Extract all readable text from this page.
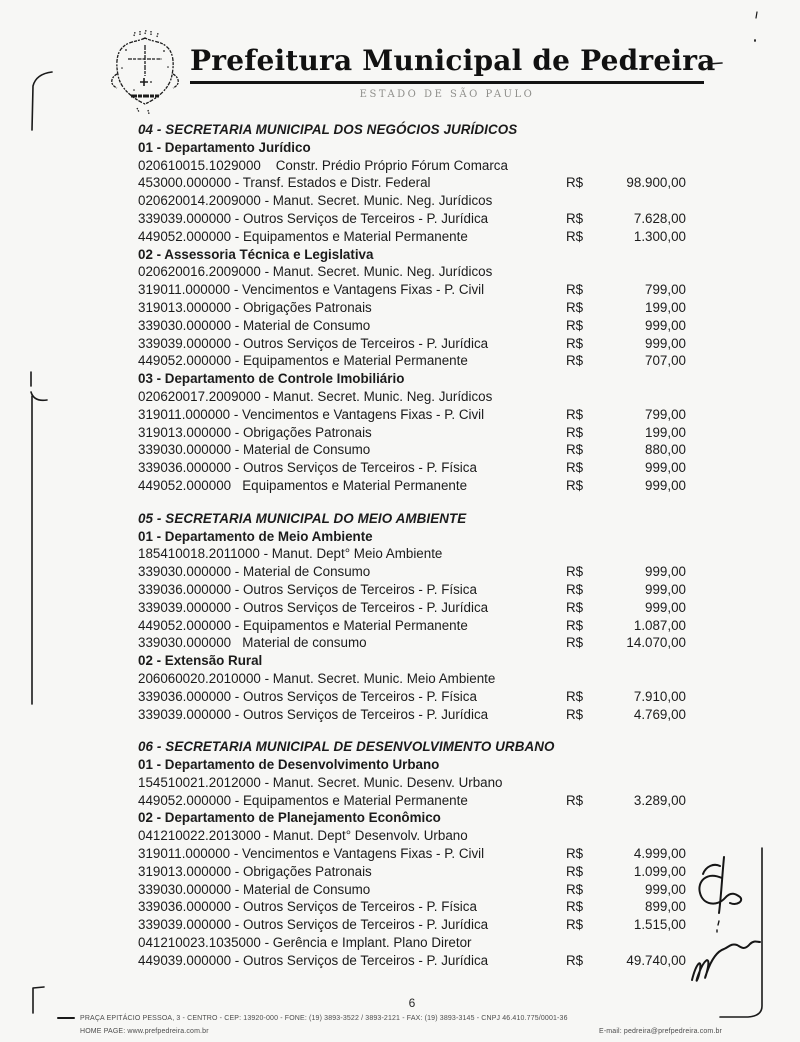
Prefeitura Municipal de Pedreira
ESTADO DE SÃO PAULO
04 - SECRETARIA MUNICIPAL DOS NEGÓCIOS JURÍDICOS
01 - Departamento Jurídico
020610015.1029000    Constr. Prédio Próprio Fórum Comarca
453000.000000 - Transf. Estados e Distr. Federal	R$	98.900,00
020620014.2009000 - Manut. Secret. Munic. Neg. Jurídicos
339039.000000 - Outros Serviços de Terceiros - P. Jurídica	R$	7.628,00
449052.000000 - Equipamentos e Material Permanente	R$	1.300,00
02 - Assessoria Técnica e Legislativa
020620016.2009000 - Manut. Secret. Munic. Neg. Jurídicos
319011.000000 - Vencimentos e Vantagens Fixas - P. Civil	R$	799,00
319013.000000 - Obrigações Patronais	R$	199,00
339030.000000 - Material de Consumo	R$	999,00
339039.000000 - Outros Serviços de Terceiros - P. Jurídica	R$	999,00
449052.000000 - Equipamentos e Material Permanente	R$	707,00
03 - Departamento de Controle Imobiliário
020620017.2009000 - Manut. Secret. Munic. Neg. Jurídicos
319011.000000 - Vencimentos e Vantagens Fixas - P. Civil	R$	799,00
319013.000000 - Obrigações Patronais	R$	199,00
339030.000000 - Material de Consumo	R$	880,00
339036.000000 - Outros Serviços de Terceiros - P. Física	R$	999,00
449052.000000   Equipamentos e Material Permanente	R$	999,00
05 - SECRETARIA MUNICIPAL DO MEIO AMBIENTE
01 - Departamento de Meio Ambiente
185410018.2011000 - Manut. Dept° Meio Ambiente
339030.000000 - Material de Consumo	R$	999,00
339036.000000 - Outros Serviços de Terceiros - P. Física	R$	999,00
339039.000000 - Outros Serviços de Terceiros - P. Jurídica	R$	999,00
449052.000000 - Equipamentos e Material Permanente	R$	1.087,00
339030.000000   Material de consumo	R$	14.070,00
02 - Extensão Rural
206060020.2010000 - Manut. Secret. Munic. Meio Ambiente
339036.000000 - Outros Serviços de Terceiros - P. Física	R$	7.910,00
339039.000000 - Outros Serviços de Terceiros - P. Jurídica	R$	4.769,00
06 - SECRETARIA MUNICIPAL DE DESENVOLVIMENTO URBANO
01 - Departamento de Desenvolvimento Urbano
154510021.2012000 - Manut. Secret. Munic. Desenv. Urbano
449052.000000 - Equipamentos e Material Permanente	R$	3.289,00
02 - Departamento de Planejamento Econômico
041210022.2013000 - Manut. Dept° Desenvolv. Urbano
319011.000000 - Vencimentos e Vantagens Fixas - P. Civil	R$	4.999,00
319013.000000 - Obrigações Patronais	R$	1.099,00
339030.000000 - Material de Consumo	R$	999,00
339036.000000 - Outros Serviços de Terceiros - P. Física	R$	899,00
339039.000000 - Outros Serviços de Terceiros - P. Jurídica	R$	1.515,00
041210023.1035000 - Gerência e Implant. Plano Diretor
449039.000000 - Outros Serviços de Terceiros - P. Jurídica	R$	49.740,00
6
PRAÇA EPITÁCIO PESSOA, 3 - CENTRO - CEP: 13920-000 - FONE: (19) 3893-3522 / 3893-2121 - FAX: (19) 3893-3145 - CNPJ 46.410.775/0001-36
HOME PAGE: www.prefpedreira.com.br	E-mail: pedreira@prefpedreira.com.br
